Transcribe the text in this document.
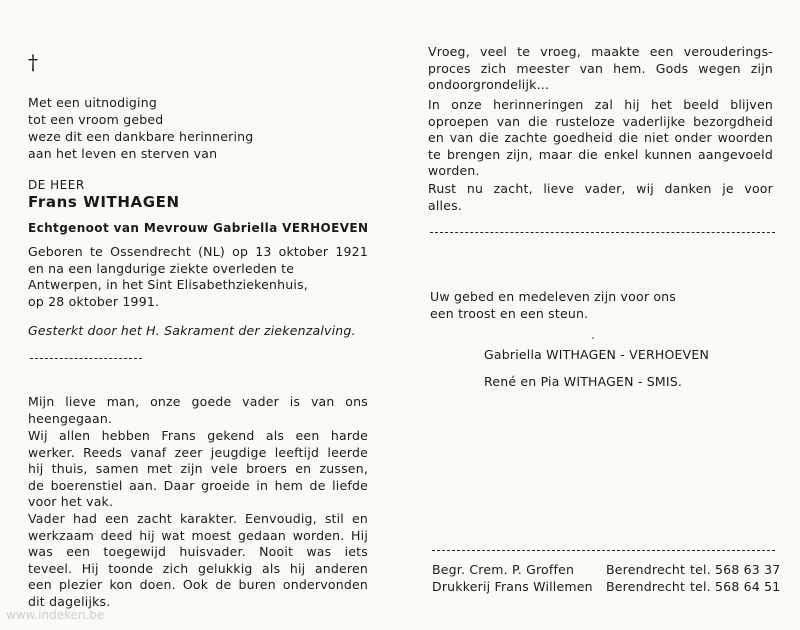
†
Met een uitnodiging
tot een vroom gebed
weze dit een dankbare herinnering
aan het leven en sterven van
DE HEER
Frans WITHAGEN
Echtgenoot van Mevrouw Gabriella VERHOEVEN
Geboren te Ossendrecht (NL) op 13 oktober 1921
en na een langdurige ziekte overleden te
Antwerpen, in het Sint Elisabethziekenhuis,
op 28 oktober 1991.
Gesterkt door het H. Sakrament der ziekenzalving.
Mijn lieve man, onze goede vader is van ons
heengegaan.
Wij allen hebben Frans gekend als een harde
werker. Reeds vanaf zeer jeugdige leeftijd leerde
hij thuis, samen met zijn vele broers en zussen,
de boerenstiel aan. Daar groeide in hem de liefde
voor het vak.
Vader had een zacht karakter. Eenvoudig, stil en
werkzaam deed hij wat moest gedaan worden. Hij
was een toegewijd huisvader. Nooit was iets
teveel. Hij toonde zich gelukkig als hij anderen
een plezier kon doen. Ook de buren ondervonden
dit dagelijks.
Vroeg, veel te vroeg, maakte een verouderings-
proces zich meester van hem. Gods wegen zijn
ondoorgrondelijk...
In onze herinneringen zal hij het beeld blijven
oproepen van die rusteloze vaderlijke bezorgdheid
en van die zachte goedheid die niet onder woorden
te brengen zijn, maar die enkel kunnen aangevoeld
worden.
Rust nu zacht, lieve vader, wij danken je voor
alles.
Uw gebed en medeleven zijn voor ons
een troost en een steun.
Gabriella WITHAGEN - VERHOEVEN
René en Pia WITHAGEN - SMIS.
Begr. Crem. P. Groffen	Berendrecht tel. 568 63 37
Drukkerij Frans Willemen Berendrecht tel. 568 64 51
www.indeken.be
